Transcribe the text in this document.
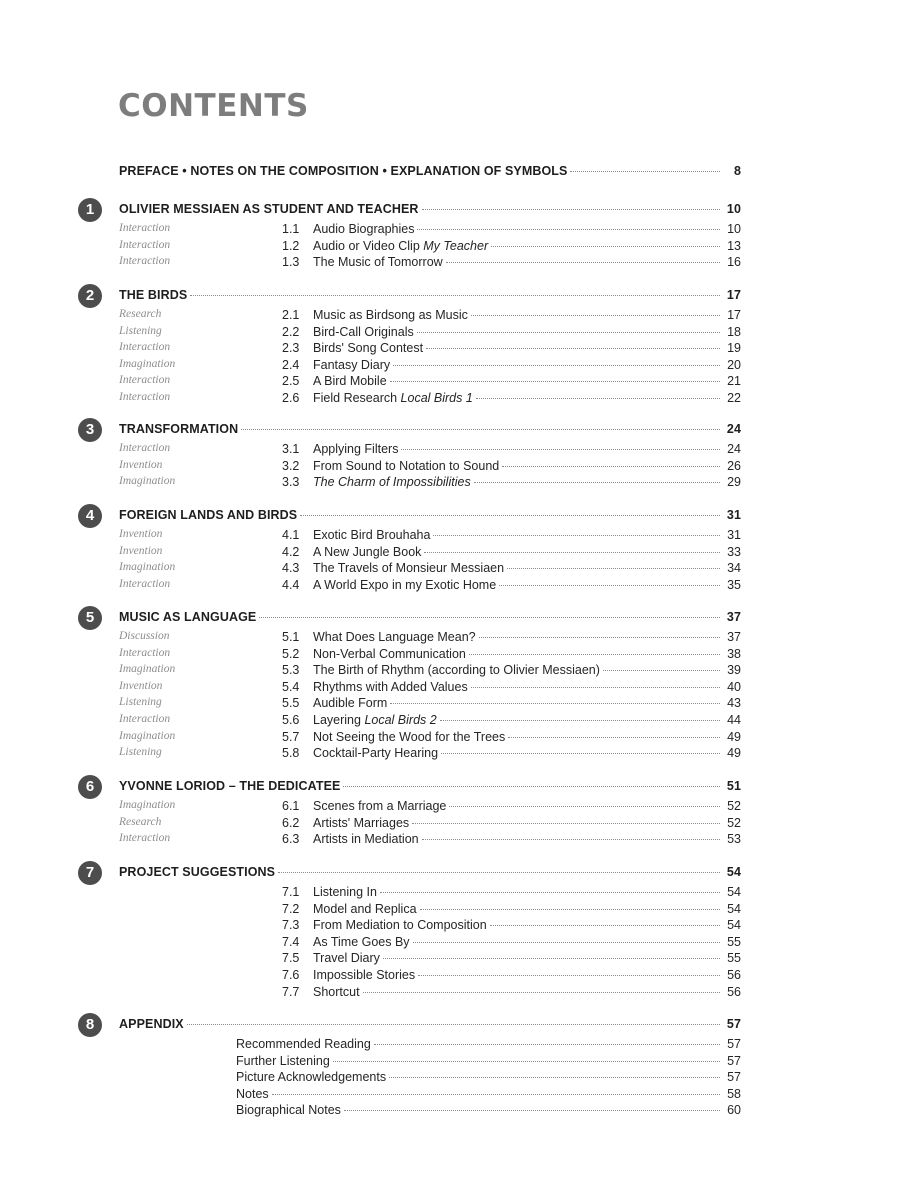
CONTENTS
PREFACE • NOTES ON THE COMPOSITION • EXPLANATION OF SYMBOLS	8
1	OLIVIER MESSIAEN AS STUDENT AND TEACHER	10
Interaction	1.1 Audio Biographies	10
Interaction	1.2 Audio or Video Clip My Teacher	13
Interaction	1.3 The Music of Tomorrow	16
2	THE BIRDS	17
Research	2.1 Music as Birdsong as Music	17
Listening	2.2 Bird-Call Originals	18
Interaction	2.3 Birds' Song Contest	19
Imagination	2.4 Fantasy Diary	20
Interaction	2.5 A Bird Mobile	21
Interaction	2.6 Field Research Local Birds 1	22
3	TRANSFORMATION	24
Interaction	3.1 Applying Filters	24
Invention	3.2 From Sound to Notation to Sound	26
Imagination	3.3 The Charm of Impossibilities	29
4	FOREIGN LANDS AND BIRDS	31
Invention	4.1 Exotic Bird Brouhaha	31
Invention	4.2 A New Jungle Book	33
Imagination	4.3 The Travels of Monsieur Messiaen	34
Interaction	4.4 A World Expo in my Exotic Home	35
5	MUSIC AS LANGUAGE	37
Discussion	5.1 What Does Language Mean?	37
Interaction	5.2 Non-Verbal Communication	38
Imagination	5.3 The Birth of Rhythm (according to Olivier Messiaen)	39
Invention	5.4 Rhythms with Added Values	40
Listening	5.5 Audible Form	43
Interaction	5.6 Layering Local Birds 2	44
Imagination	5.7 Not Seeing the Wood for the Trees	49
Listening	5.8 Cocktail-Party Hearing	49
6	YVONNE LORIOD – THE DEDICATEE	51
Imagination	6.1 Scenes from a Marriage	52
Research	6.2 Artists' Marriages	52
Interaction	6.3 Artists in Mediation	53
7	PROJECT SUGGESTIONS	54
7.1 Listening In	54
7.2 Model and Replica	54
7.3 From Mediation to Composition	54
7.4 As Time Goes By	55
7.5 Travel Diary	55
7.6 Impossible Stories	56
7.7 Shortcut	56
8	APPENDIX	57
Recommended Reading	57
Further Listening	57
Picture Acknowledgements	57
Notes	58
Biographical Notes	60
